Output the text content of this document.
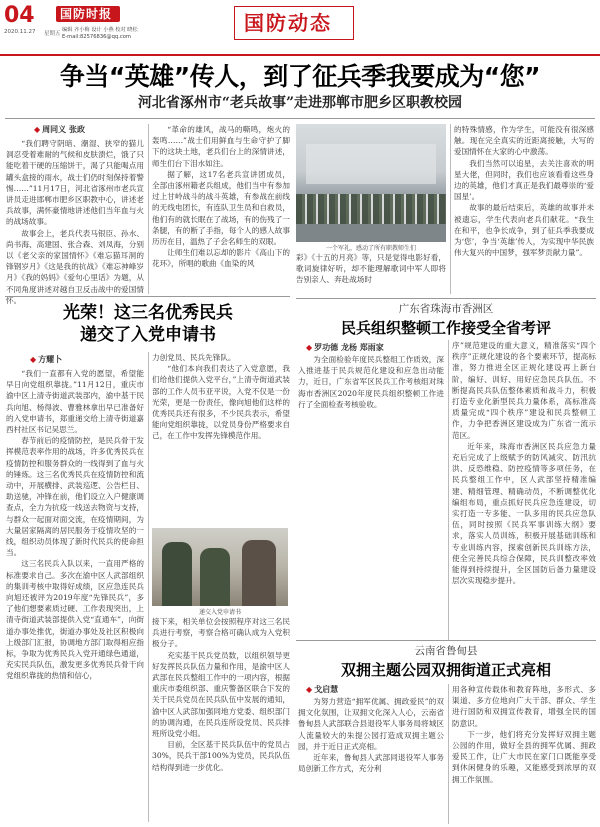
04
2020.11.27 星期五
国防时报
编辑 齐小梅 设计 小燕 校对 晓松
E-mail:82576836@qq.com
国防动态
争当“英雄”传人，到了征兵季我要成为“您”
河北省涿州市“老兵故事”走进那郸市肥乡区职教校园
◆ 周同义 张政

“我们聘守阴暗、潮湿、狭窄的猫儿洞忍受着难耐的气候和皮肤溃烂，饿了只能吃着干硬的压缩饼干，渴了只能喝点用罐头盒接的雨水，战士们仍时刻保持着警惕……”11月17日，河北省涿州市老兵宣讲员走进邯郸市肥乡区职教中心，讲述老兵故事，满怀豪情地讲述他们当年血与火的战场故事。

故事会上，老兵代表马银臣、孙水、尚书海、高建国、张合森、刘凤海，分别以《老父亲的家国情怀》《难忘猫耳洞的锋钢岁月》《这是我的抗战》《难忘神峰岁月》《我的妈妈》《爱句心里话》为题，从不同角度讲述对越自卫反击战中的爱国情怀。

“革命的雄风，战马的嘶鸣，炮火的轰鸣……”战士们用鲜血与生命守护了脚下的这块土地，老兵们台上的深情讲述，师生们台下泪水如注。

据了解，这17名老兵宣讲团成员，全部由涿州籍老兵组成，他们当中有参加过上甘岭战斗的战斗英雄，有参战在前线的无线电团长，有连队卫生员和自救员，他们有的就长眠在了战场，有的伤残了一条腿，有的断了手指，每个人的感人故事历历在目，温热了子会名师生的双眼。

让师生们难以忘却的影片《高山下的花环》，所唱的歌曲《血染的风

一个军礼，感动了所有职教师生们

彩》《十五的月亮》等，只是觉得电影好看，歌词旋律好听，却不能理解歌词中军人即将告别亲人、奔赴战场时

的特殊情感，作为学生，可能没有很深感触。现在完全真实的近距离接触，大写的爱国情怀在大家的心中激荡。

我们当然可以追星，去关注喜欢的明星大佬，但同时，我们也应该看看这些身边的英雄，他们才真正是我们最尊崇的‘爱国星’。

故事的最后结束后，英雄的故事并未被遗忘，学生代表向老兵们献花。“我生在和平，也争长成争，到了征兵季我要成为‘您’，争当‘英雄’传人，为实现中华民族伟大复兴的中国梦，强军梦贡献力量”。

广东省珠海市香洲区
民兵组织整顿工作接受全省考评
◆ 罗功德 龙杨 郑雨家

为全面检验年度民兵整组工作质效，深入推进基于民兵规范化建设和应急出动能力，近日，广东省军区民兵工作考核组对珠海市香洲区2020年度民兵组织整顿工作进行了全面检查考核验收。

序”规范建设的重大意义，精准落实“四个秩序”正规化建设的各个要素环节，提高标准，努力推进全区正规化建设再上新台阶，编好、训好、用好应急民兵队伍。不断提高民兵队伍整体素质和战斗力，积极打造专业化新型民兵力量体系，高标准高质量完成“四个秩序”建设和民兵整顿工作，力争把香洲区建设成为广东省一流示范区。

近年来，珠海市香洲区民兵应急力量充后完成了上级赋予的防风减灾、防汛抗洪、反恐维稳、防控疫情等多项任务，在民兵整组工作中，区人武部坚持精准编建、精细管理、精确动员，不断调整优化编组布局，重点抓好民兵应急连建设，切实打造一专多能、一队多用的民兵应急队伍，同时按照《民兵军事训练大纲》要求，落实人员训练，积极开展基础训练和专业训练内容，探索创新民兵训练方法，使全完善民兵综合保障，民兵训整改率效能得到持续提升，全区国防后备力量建设层次实现稳步提升。

光荣！这三名优秀民兵
递交了入党申请书
◆ 方耀卜

“我们一直都有入党的愿望，希望能早日向党组织靠拢。”11月12日，重庆市渝中区上清寺街道武装部内，渝中基干民兵向旭、杨得波、曹雅林拿出早已准备好的入党申请书，郑重递交给上清寺街道嘉西村社区书记吴思兰。

春节前后的疫情防控，是民兵骨干发挥模范表率作用的战场，许多优秀民兵在疫情防控和服务群众的一线得到了血与火的锤炼。这三名优秀民兵在疫情防控和流动中，开展横排、武装巡逻、公告栏目、助送驰，冲锋在前，他们设立入户健康调查点，全力为抗疫一线送去物资与支持，与群众一起面对面交流，在疫情期间，为大量居家隔离的居民服务于疫情攻坚的一线，组织动员体现了新时代民兵的使命担当。

这三名民兵入队以来，一直用严格的标准要求自己。多次在渝中区人武部组织的集训考核中取得好成绩，区应急连民兵向旭还被评为2019年度“先锋民兵”，多了他们想要素质过硬、工作表现突出，上清寺街道武装部提供入党“直通车”，向街道办事处推优，街道办事处及社区积极向上级部门汇报，协调地方部门取得相应指标，争取为优秀民兵入党开通绿色通道，充实民兵队伍，激发更多优秀民兵骨干向党组织靠拢的热情和信心，

力创党员、民兵先锋队。

“他们本向我们表达了入党意愿，我们给他们提供入党平台，”上清寺街道武装部的工作人员韦亚平说，入党不仅是一份光荣，更是一份责任，像向旭他们这样的优秀民兵还有很多，不少民兵表示，希望能向党组织靠拢，以党员身份严格要求自己，在工作中发挥先锋模范作用。

递交入党申请书

接下来，相关单位会按照程序对这三名民兵进行考察，考察合格可确认成为入党积极分子。

充实基干民兵党员数，以组织领导更好发挥民兵队伍力量和作用，是渝中区人武部在民兵整组工作中的一项内容，根据重庆市委组织部、重庆警备区联合下发的关于民兵党员在民兵队伍中发展的通知，渝中区人武部加强同地方党委、组织部门的协调沟通，在民兵连所设党员、民兵排班所设党小组。

目前，全区基干民兵队伍中的党员占30%，民兵干部100%为党员，民兵队伍结构得到进一步优化。

云南省鲁甸县
双拥主题公园双拥街道正式亮相
◆ 戈启慧

为努力营造“拥军优属、拥政爱民”的双拥文化氛围，让双拥文化深入人心，云南省鲁甸县人武部联合县退役军人事务局将城区人流量较大的朱提公园打造成双拥主题公园，并于近日正式亮相。

近年来，鲁甸县人武部同退役军人事务局创新工作方式，充分利

用各种宣传载体和教育阵地，多形式、多渠道、多方位地向广大干部、群众、学生进行国防和双拥宣传教育，增强全民的国防意识。

下一步，他们将充分发挥好双拥主题公园的作用，做好全县的拥军优属、拥政爱民工作，让广大市民在家门口既能享受到休闲健身的乐趣，又能感受到浓厚的双拥工作氛围。
